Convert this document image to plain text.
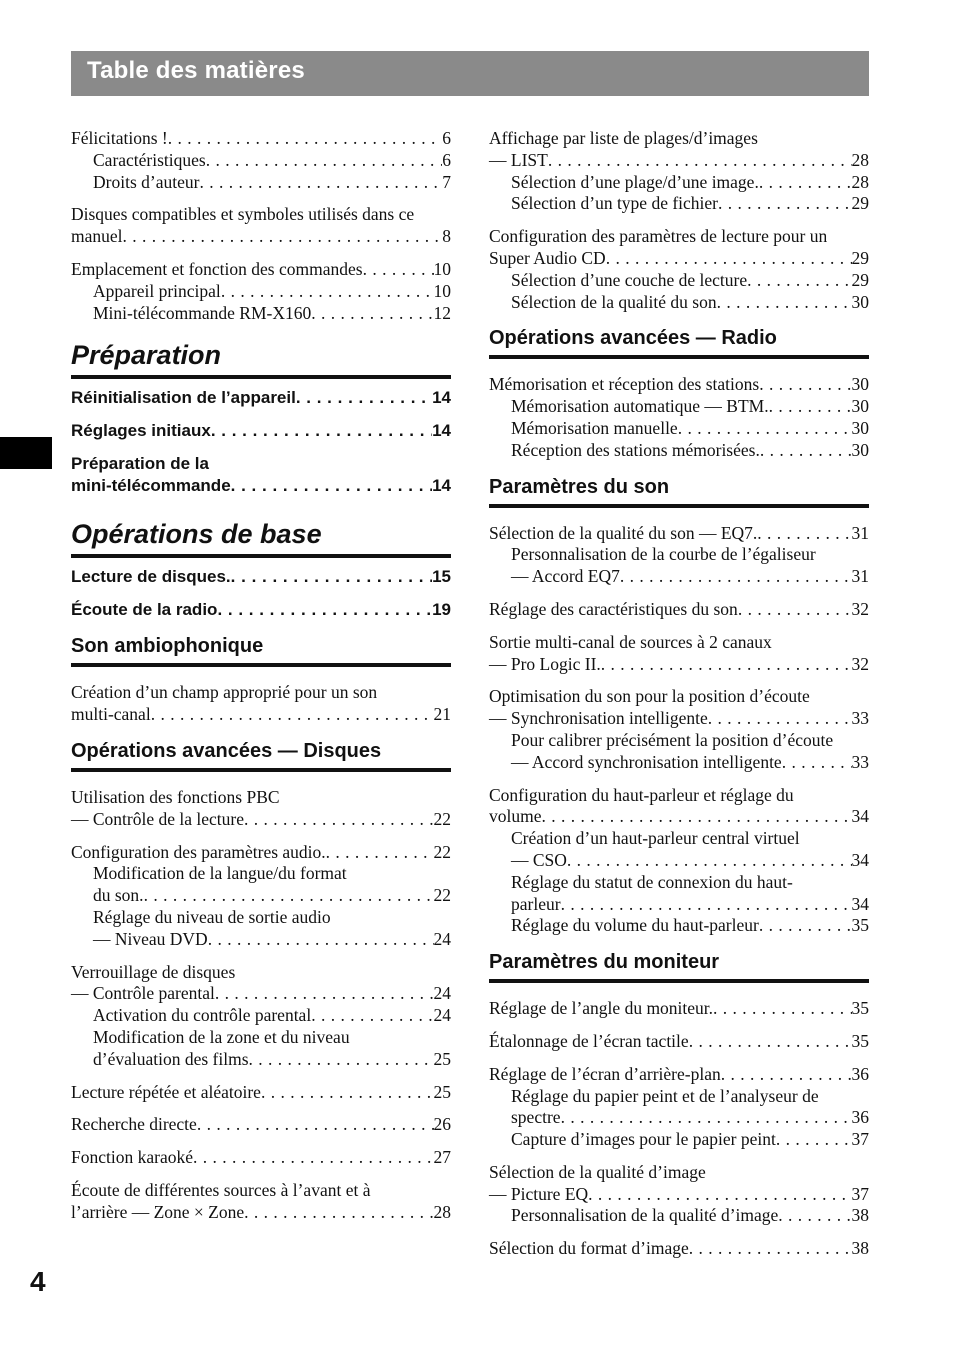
Table des matières
4
Félicitations ! . . .	6
Caractéristiques . . .	6
Droits d’auteur . . .	7
Disques compatibles et symboles utilisés dans ce
manuel . . .	8
Emplacement et fonction des commandes . . .	10
Appareil principal . . .	10
Mini-télécommande RM-X160 . . .	12
Préparation
Réinitialisation de l’appareil . . .	14
Réglages initiaux . . .	14
Préparation de la
mini-télécommande . . .	14
Opérations de base
Lecture de disques. . . .	15
Écoute de la radio . . .	19
Son ambiophonique
Création d’un champ approprié pour un son
multi-canal . . .	21
Opérations avancées — Disques
Utilisation des fonctions PBC
— Contrôle de la lecture . . .	22
Configuration des paramètres audio. . . .	22
Modification de la langue/du format
du son. . . .	22
Réglage du niveau de sortie audio
— Niveau DVD . . .	24
Verrouillage de disques
— Contrôle parental . . .	24
Activation du contrôle parental . . .	24
Modification de la zone et du niveau
d’évaluation des films . . .	25
Lecture répétée et aléatoire . . .	25
Recherche directe . . .	26
Fonction karaoké . . .	27
Écoute de différentes sources à l’avant et à
l’arrière — Zone × Zone . . .	28
Affichage par liste de plages/d’images
— LIST . . .	28
Sélection d’une plage/d’une image. . . .	28
Sélection d’un type de fichier . . .	29
Configuration des paramètres de lecture pour un
Super Audio CD . . .	29
Sélection d’une couche de lecture . . .	29
Sélection de la qualité du son . . .	30
Opérations avancées — Radio
Mémorisation et réception des stations . . .	30
Mémorisation automatique — BTM. . . .	30
Mémorisation manuelle . . .	30
Réception des stations mémorisées. . . .	30
Paramètres du son
Sélection de la qualité du son — EQ7. . . .	31
Personnalisation de la courbe de l’égaliseur
— Accord EQ7 . . .	31
Réglage des caractéristiques du son . . .	32
Sortie multi-canal de sources à 2 canaux
— Pro Logic II. . . .	32
Optimisation du son pour la position d’écoute
— Synchronisation intelligente . . .	33
Pour calibrer précisément la position d’écoute
— Accord synchronisation intelligente . . .	33
Configuration du haut-parleur et réglage du
volume . . .	34
Création d’un haut-parleur central virtuel
— CSO . . .	34
Réglage du statut de connexion du haut-
parleur . . .	34
Réglage du volume du haut-parleur . . .	35
Paramètres du moniteur
Réglage de l’angle du moniteur. . . .	35
Étalonnage de l’écran tactile . . .	35
Réglage de l’écran d’arrière-plan . . .	36
Réglage du papier peint et de l’analyseur de
spectre . . .	36
Capture d’images pour le papier peint . . .	37
Sélection de la qualité d’image
— Picture EQ . . .	37
Personnalisation de la qualité d’image . . .	38
Sélection du format d’image . . .	38
